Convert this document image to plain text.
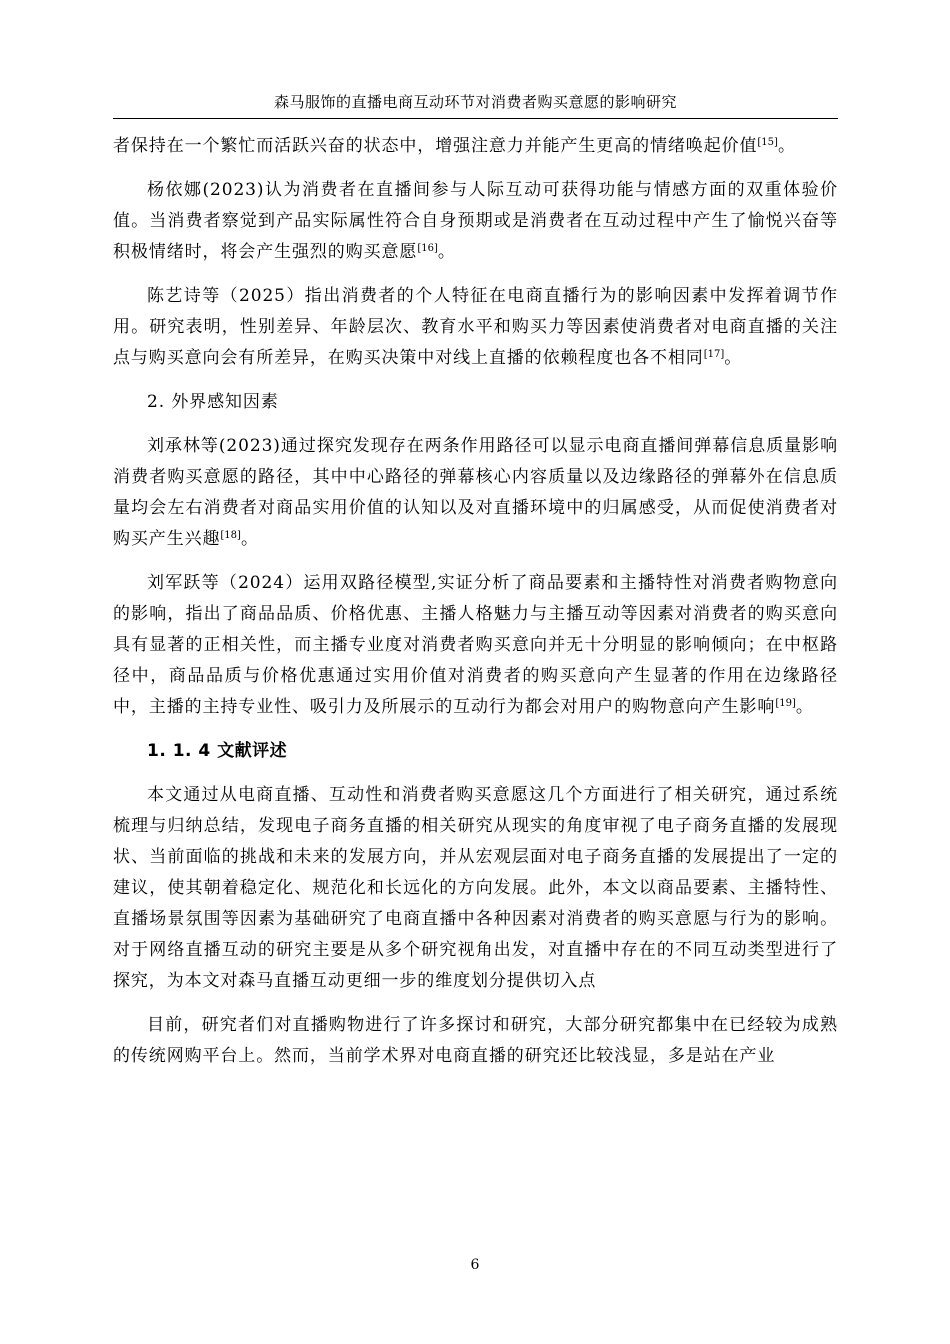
森马服饰的直播电商互动环节对消费者购买意愿的影响研究

者保持在一个繁忙而活跃兴奋的状态中，增强注意力并能产生更高的情绪唤起价值[15]。

杨依娜(2023)认为消费者在直播间参与人际互动可获得功能与情感方面的双重体验价值。当消费者察觉到产品实际属性符合自身预期或是消费者在互动过程中产生了愉悦兴奋等积极情绪时，将会产生强烈的购买意愿[16]。

陈艺诗等（2025）指出消费者的个人特征在电商直播行为的影响因素中发挥着调节作用。研究表明，性别差异、年龄层次、教育水平和购买力等因素使消费者对电商直播的关注点与购买意向会有所差异，在购买决策中对线上直播的依赖程度也各不相同[17]。

2. 外界感知因素

刘承林等(2023)通过探究发现存在两条作用路径可以显示电商直播间弹幕信息质量影响消费者购买意愿的路径，其中中心路径的弹幕核心内容质量以及边缘路径的弹幕外在信息质量均会左右消费者对商品实用价值的认知以及对直播环境中的归属感受，从而促使消费者对购买产生兴趣[18]。

刘军跃等（2024）运用双路径模型,实证分析了商品要素和主播特性对消费者购物意向的影响，指出了商品品质、价格优惠、主播人格魅力与主播互动等因素对消费者的购买意向具有显著的正相关性，而主播专业度对消费者购买意向并无十分明显的影响倾向；在中枢路径中，商品品质与价格优惠通过实用价值对消费者的购买意向产生显著的作用在边缘路径中，主播的主持专业性、吸引力及所展示的互动行为都会对用户的购物意向产生影响[19]。

1. 1. 4 文献评述

本文通过从电商直播、互动性和消费者购买意愿这几个方面进行了相关研究，通过系统梳理与归纳总结，发现电子商务直播的相关研究从现实的角度审视了电子商务直播的发展现状、当前面临的挑战和未来的发展方向，并从宏观层面对电子商务直播的发展提出了一定的建议，使其朝着稳定化、规范化和长远化的方向发展。此外，本文以商品要素、主播特性、直播场景氛围等因素为基础研究了电商直播中各种因素对消费者的购买意愿与行为的影响。对于网络直播互动的研究主要是从多个研究视角出发，对直播中存在的不同互动类型进行了探究，为本文对森马直播互动更细一步的维度划分提供切入点

目前，研究者们对直播购物进行了许多探讨和研究，大部分研究都集中在已经较为成熟的传统网购平台上。然而，当前学术界对电商直播的研究还比较浅显，多是站在产业

6
